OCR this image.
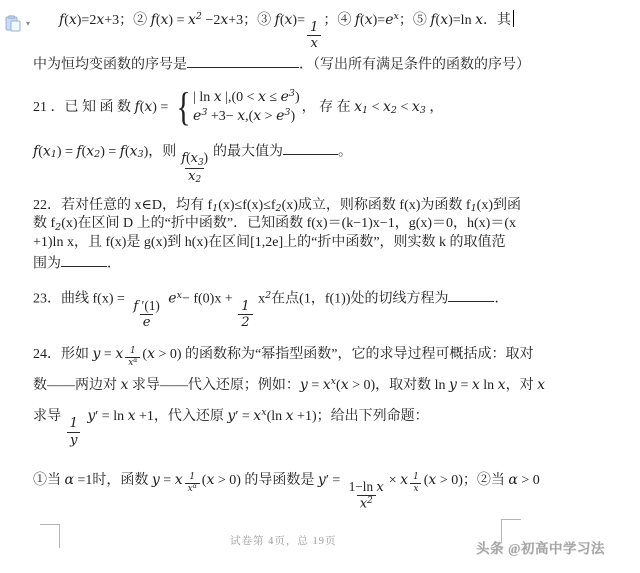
▾ f(x)=2x+3；② $f(x) = x^2 -2x+3$；③ $f(x)= \frac{1}{x}$ ；④ $f(x)=e^x$；⑤ f(x)=ln x．其
中为恒均变函数的序号是	．（写出所有满足条件的函数的序号）
21 ．已 知 函 数 f(x) = { | ln x $|,(0 < x \le e^3)$
$e^3 +3- x,(x > e^3)$
， 存 在 $x_1 < x_2 < x_3$ ，
$f(x_1) = f(x_2) = f(x_3)$，则 $\frac{f(x_3)}{x_2}$ 的最大值为	。
22．若对任意的 x∈D，均有 $f_1(x)\le f(x)\le f_2(x)$成立，则称函数 f(x)为函数 $f_1(x)$到函
数 $f_2(x)$在区间 D 上的“折中函数”．已知函数 f(x)＝(k−1)x−1，g(x)＝0，h(x)＝(x
+1)ln x，且 f(x)是 g(x)到 h(x)在区间[1,2e]上的“折中函数”，则实数 k 的取值范
围为	．
23．曲线 $f(x) = \frac{f '(1)}{e}$
$e^x- f(0)x + \frac{1}{2} x^2$在点(1，f(1))处的切线方程为	．
24．形如 y = x $^{\frac{1}{x^\alpha}}$ (x > 0) 的函数称为“幂指型函数”，它的求导过程可概括成：取对
数——两边对 x 求导——代入还原；例如：$y = x^x(x > 0)$，取对数 ln y = x ln x，对 x
求导 $\frac{1}{y}$
y′ = ln x +1，代入还原 $y' = x^x(\ln$ x +1)；给出下列命题：
①当 α =1时，函数 y = x $^{\frac{1}{x^\alpha}}$ (x > 0) 的导函数是 $y' = \frac{\text{1−ln x}}{x^2} \times x$ $^{\frac{1}{x}}$ (x > 0)；②当 α > 0
试卷第 4页，总 19页	头条 @初高中学习法
